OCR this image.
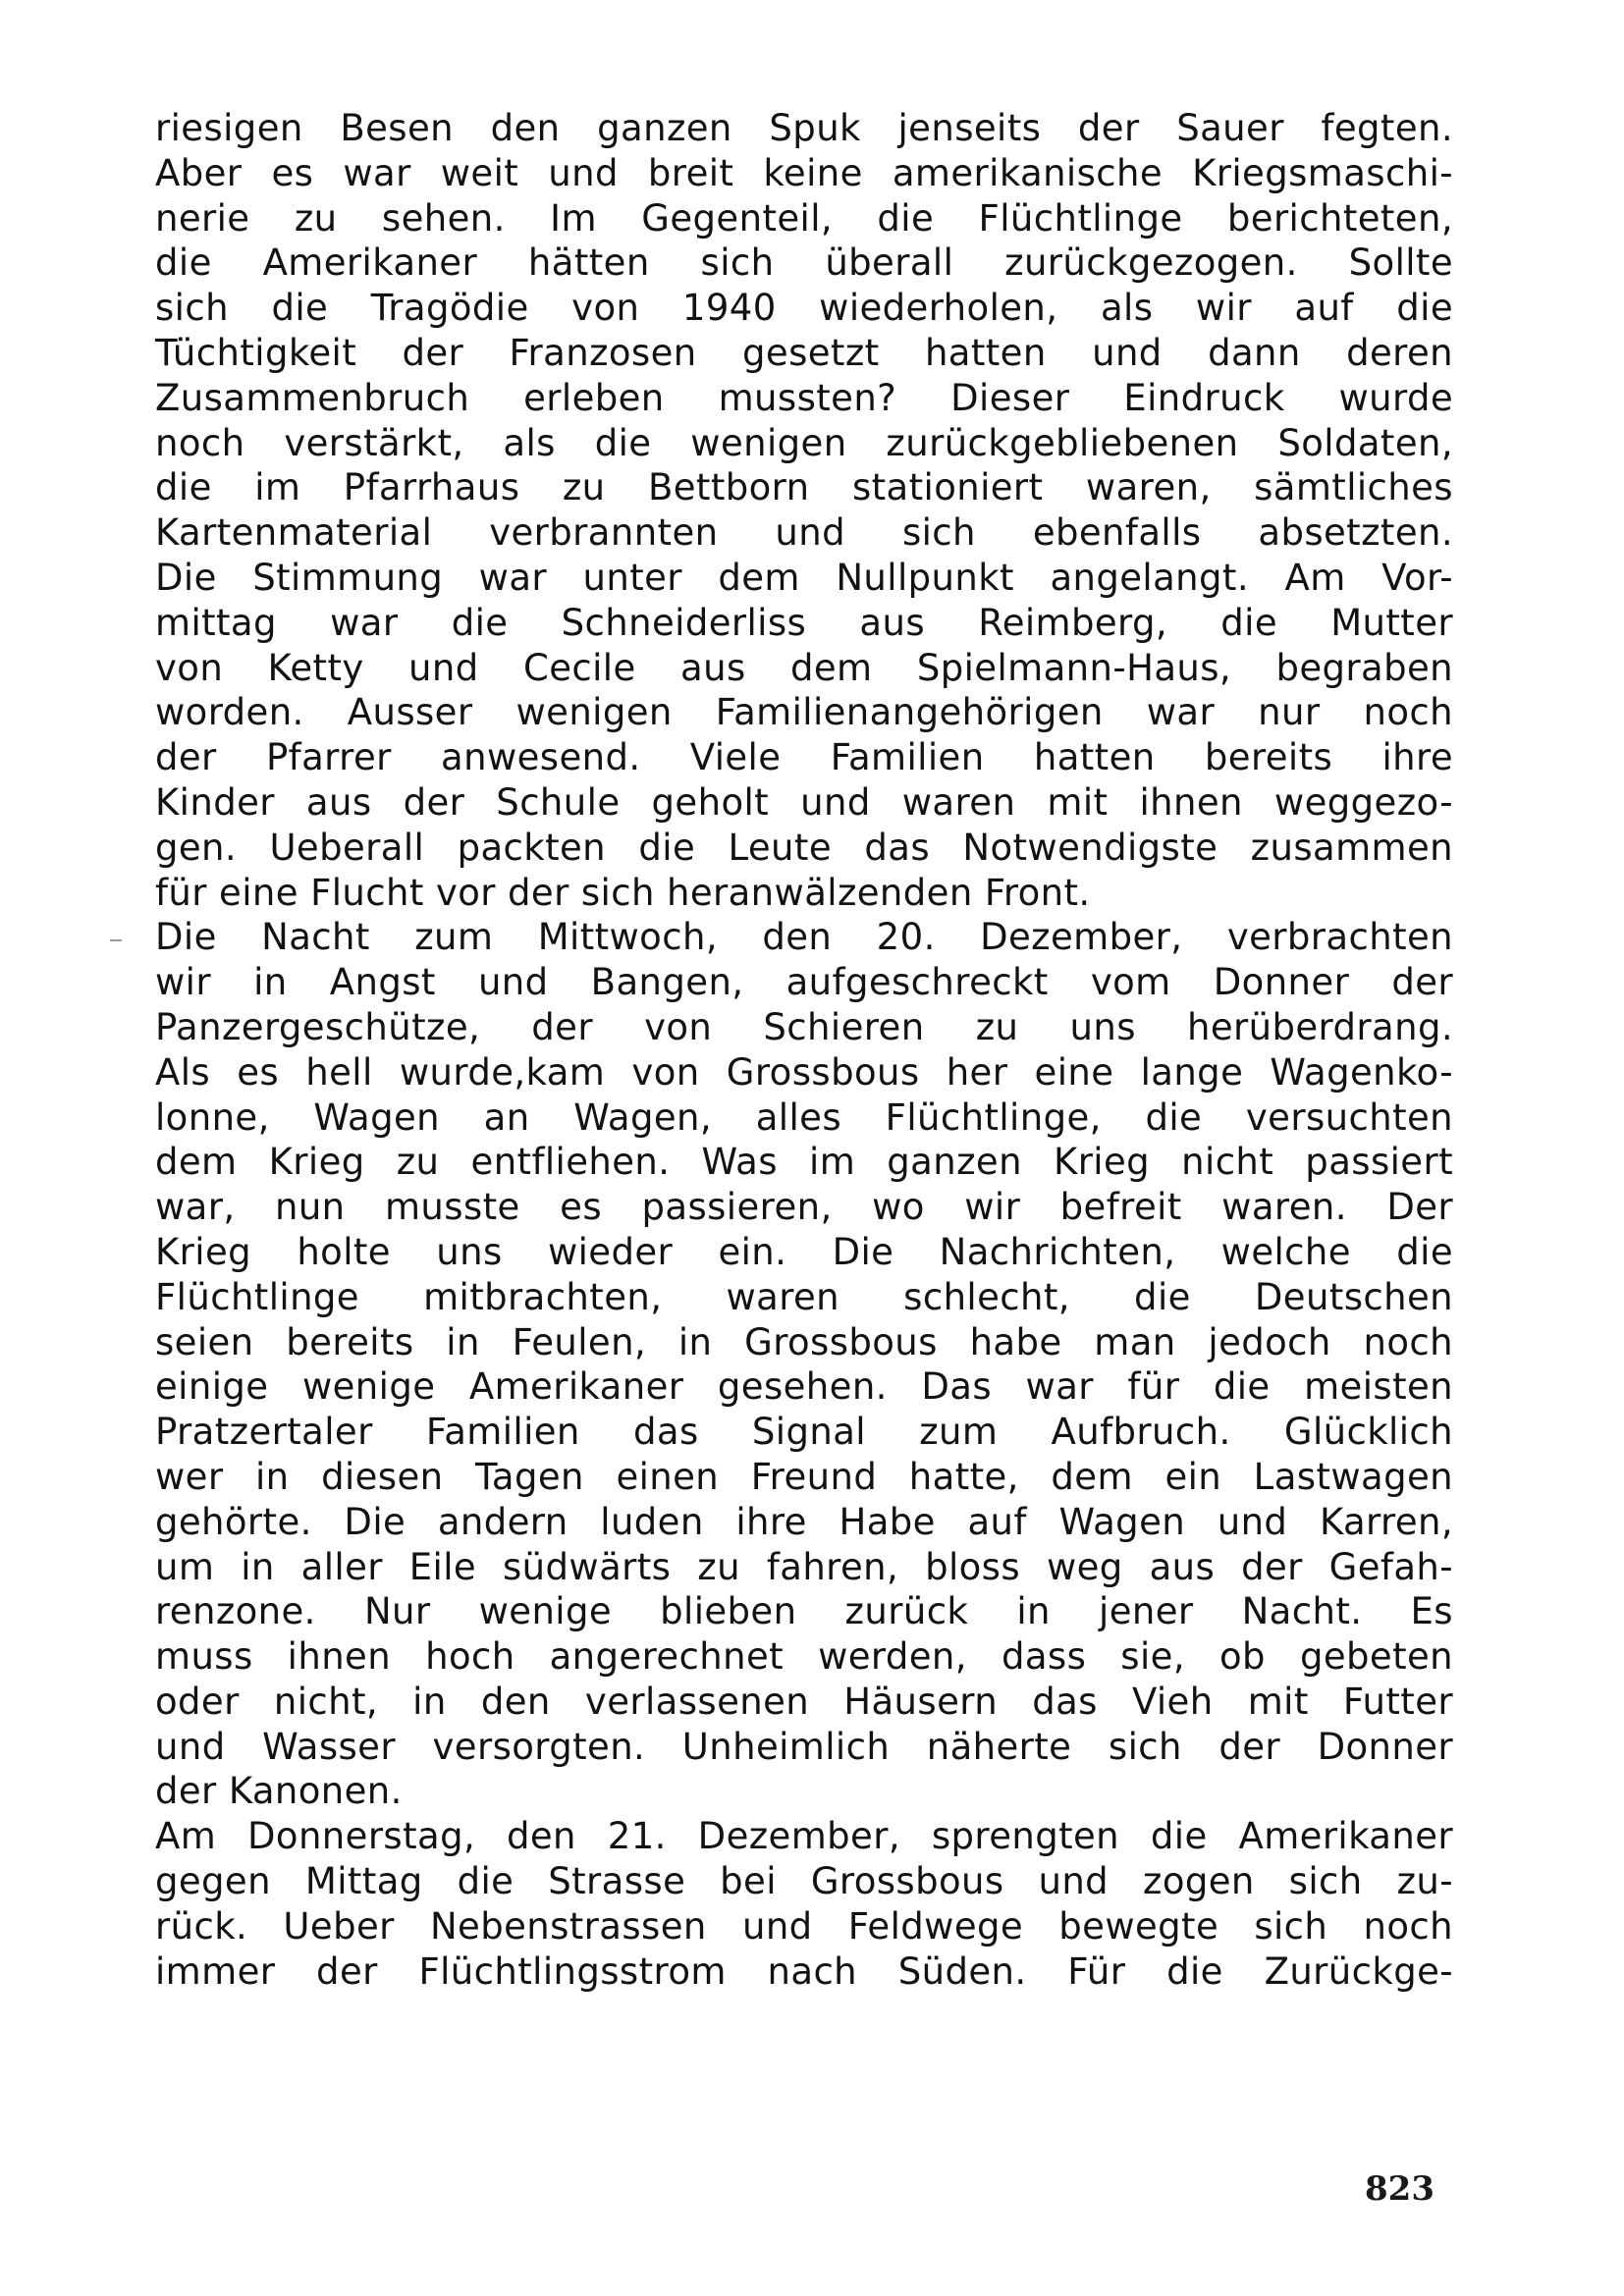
riesigen Besen den ganzen Spuk jenseits der Sauer fegten.
Aber es war weit und breit keine amerikanische Kriegsmaschi-
nerie zu sehen. Im Gegenteil, die Flüchtlinge berichteten,
die Amerikaner hätten sich überall zurückgezogen. Sollte
sich die Tragödie von 1940 wiederholen, als wir auf die
Tüchtigkeit der Franzosen gesetzt hatten und dann deren
Zusammenbruch erleben mussten? Dieser Eindruck wurde
noch verstärkt, als die wenigen zurückgebliebenen Soldaten,
die im Pfarrhaus zu Bettborn stationiert waren, sämtliches
Kartenmaterial verbrannten und sich ebenfalls absetzten.
Die Stimmung war unter dem Nullpunkt angelangt. Am Vor-
mittag war die Schneiderliss aus Reimberg, die Mutter
von Ketty und Cecile aus dem Spielmann-Haus, begraben
worden. Ausser wenigen Familienangehörigen war nur noch
der Pfarrer anwesend. Viele Familien hatten bereits ihre
Kinder aus der Schule geholt und waren mit ihnen weggezo-
gen. Ueberall packten die Leute das Notwendigste zusammen
für eine Flucht vor der sich heranwälzenden Front.
Die Nacht zum Mittwoch, den 20. Dezember, verbrachten
wir in Angst und Bangen, aufgeschreckt vom Donner der
Panzergeschütze, der von Schieren zu uns herüberdrang.
Als es hell wurde,kam von Grossbous her eine lange Wagenko-
lonne, Wagen an Wagen, alles Flüchtlinge, die versuchten
dem Krieg zu entfliehen. Was im ganzen Krieg nicht passiert
war, nun musste es passieren, wo wir befreit waren. Der
Krieg holte uns wieder ein. Die Nachrichten, welche die
Flüchtlinge mitbrachten, waren schlecht, die Deutschen
seien bereits in Feulen, in Grossbous habe man jedoch noch
einige wenige Amerikaner gesehen. Das war für die meisten
Pratzertaler Familien das Signal zum Aufbruch. Glücklich
wer in diesen Tagen einen Freund hatte, dem ein Lastwagen
gehörte. Die andern luden ihre Habe auf Wagen und Karren,
um in aller Eile südwärts zu fahren, bloss weg aus der Gefah-
renzone. Nur wenige blieben zurück in jener Nacht. Es
muss ihnen hoch angerechnet werden, dass sie, ob gebeten
oder nicht, in den verlassenen Häusern das Vieh mit Futter
und Wasser versorgten. Unheimlich näherte sich der Donner
der Kanonen.
Am Donnerstag, den 21. Dezember, sprengten die Amerikaner
gegen Mittag die Strasse bei Grossbous und zogen sich zu-
rück. Ueber Nebenstrassen und Feldwege bewegte sich noch
immer der Flüchtlingsstrom nach Süden. Für die Zurückge-
823
